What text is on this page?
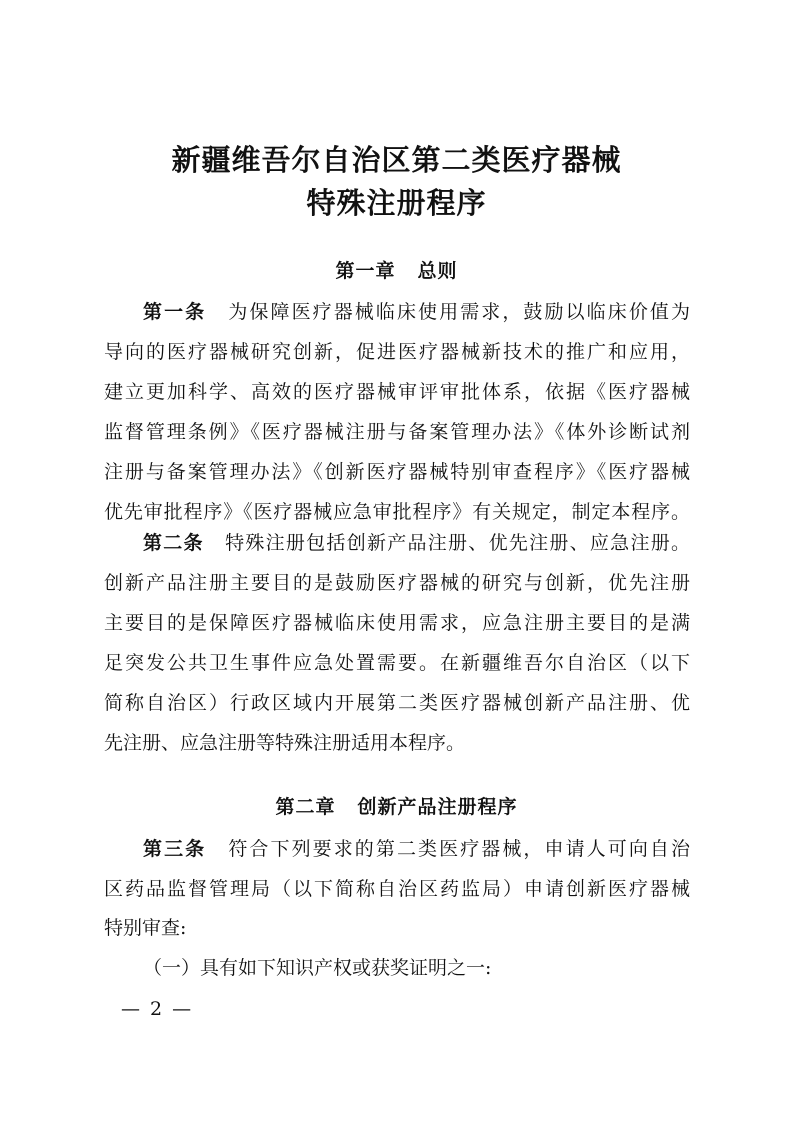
新疆维吾尔自治区第二类医疗器械
特殊注册程序
第一章 总则
第一条 为保障医疗器械临床使用需求，鼓励以临床价值为
导向的医疗器械研究创新，促进医疗器械新技术的推广和应用，
建立更加科学、高效的医疗器械审评审批体系，依据《医疗器械
监督管理条例》《医疗器械注册与备案管理办法》《体外诊断试剂
注册与备案管理办法》《创新医疗器械特别审查程序》《医疗器械
优先审批程序》《医疗器械应急审批程序》有关规定，制定本程序。
第二条 特殊注册包括创新产品注册、优先注册、应急注册。
创新产品注册主要目的是鼓励医疗器械的研究与创新，优先注册
主要目的是保障医疗器械临床使用需求，应急注册主要目的是满
足突发公共卫生事件应急处置需要。在新疆维吾尔自治区（以下
简称自治区）行政区域内开展第二类医疗器械创新产品注册、优
先注册、应急注册等特殊注册适用本程序。
第二章 创新产品注册程序
第三条 符合下列要求的第二类医疗器械，申请人可向自治
区药品监督管理局（以下简称自治区药监局）申请创新医疗器械
特别审查:
（一）具有如下知识产权或获奖证明之一:
— 2 —
